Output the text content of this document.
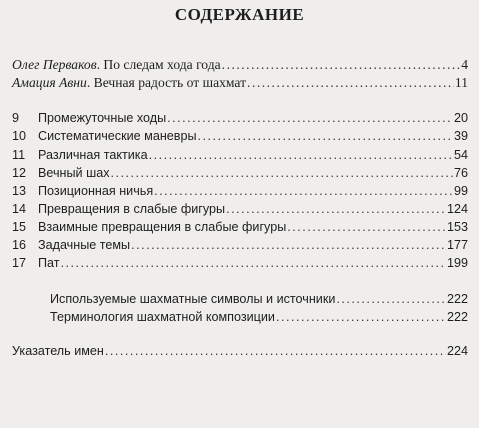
СОДЕРЖАНИЕ
Олег Перваков. По следам хода года .....	4
Амация Авни. Вечная радость от шахмат .....	11
9	Промежуточные ходы .....	20
10 Систематические маневры .....	39
11	Различная тактика .....	54
12 Вечный шах .....	76
13 Позиционная ничья .....	99
14 Превращения в слабые фигуры .....	124
15 Взаимные превращения в слабые фигуры .....	153
16 Задачные темы .....	177
17 Пат .....	199
Используемые шахматные символы и источники .....	222
Терминология шахматной композиции .....	222
Указатель имен .....	224
